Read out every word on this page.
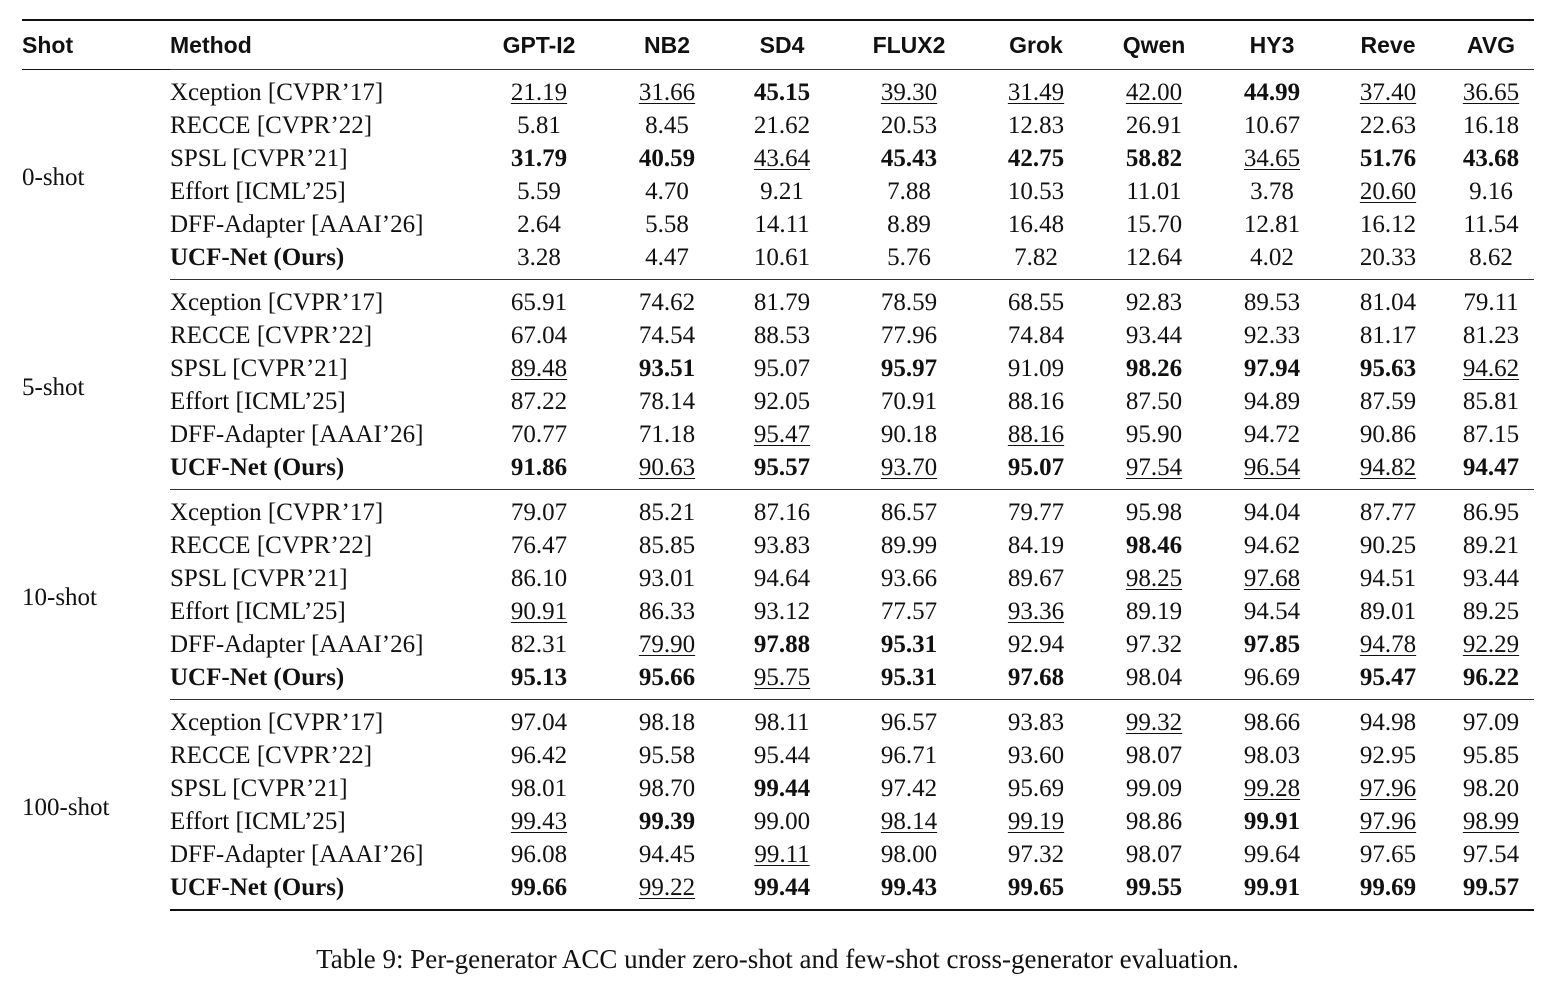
Shot	Method	GPT-I2	NB2	SD4	FLUX2	Grok	Qwen	HY3	Reve	AVG
0-shot	Xception [CVPR’17]	21.19	31.66	45.15	39.30	31.49	42.00	44.99	37.40	36.65
	RECCE [CVPR’22]	5.81	8.45	21.62	20.53	12.83	26.91	10.67	22.63	16.18
	SPSL [CVPR’21]	31.79	40.59	43.64	45.43	42.75	58.82	34.65	51.76	43.68
	Effort [ICML’25]	5.59	4.70	9.21	7.88	10.53	11.01	3.78	20.60	9.16
	DFF-Adapter [AAAI’26]	2.64	5.58	14.11	8.89	16.48	15.70	12.81	16.12	11.54
	UCF-Net (Ours)	3.28	4.47	10.61	5.76	7.82	12.64	4.02	20.33	8.62
5-shot	Xception [CVPR’17]	65.91	74.62	81.79	78.59	68.55	92.83	89.53	81.04	79.11
	RECCE [CVPR’22]	67.04	74.54	88.53	77.96	74.84	93.44	92.33	81.17	81.23
	SPSL [CVPR’21]	89.48	93.51	95.07	95.97	91.09	98.26	97.94	95.63	94.62
	Effort [ICML’25]	87.22	78.14	92.05	70.91	88.16	87.50	94.89	87.59	85.81
	DFF-Adapter [AAAI’26]	70.77	71.18	95.47	90.18	88.16	95.90	94.72	90.86	87.15
	UCF-Net (Ours)	91.86	90.63	95.57	93.70	95.07	97.54	96.54	94.82	94.47
10-shot	Xception [CVPR’17]	79.07	85.21	87.16	86.57	79.77	95.98	94.04	87.77	86.95
	RECCE [CVPR’22]	76.47	85.85	93.83	89.99	84.19	98.46	94.62	90.25	89.21
	SPSL [CVPR’21]	86.10	93.01	94.64	93.66	89.67	98.25	97.68	94.51	93.44
	Effort [ICML’25]	90.91	86.33	93.12	77.57	93.36	89.19	94.54	89.01	89.25
	DFF-Adapter [AAAI’26]	82.31	79.90	97.88	95.31	92.94	97.32	97.85	94.78	92.29
	UCF-Net (Ours)	95.13	95.66	95.75	95.31	97.68	98.04	96.69	95.47	96.22
100-shot	Xception [CVPR’17]	97.04	98.18	98.11	96.57	93.83	99.32	98.66	94.98	97.09
	RECCE [CVPR’22]	96.42	95.58	95.44	96.71	93.60	98.07	98.03	92.95	95.85
	SPSL [CVPR’21]	98.01	98.70	99.44	97.42	95.69	99.09	99.28	97.96	98.20
	Effort [ICML’25]	99.43	99.39	99.00	98.14	99.19	98.86	99.91	97.96	98.99
	DFF-Adapter [AAAI’26]	96.08	94.45	99.11	98.00	97.32	98.07	99.64	97.65	97.54
	UCF-Net (Ours)	99.66	99.22	99.44	99.43	99.65	99.55	99.91	99.69	99.57
Table 9: Per-generator ACC under zero-shot and few-shot cross-generator evaluation.
